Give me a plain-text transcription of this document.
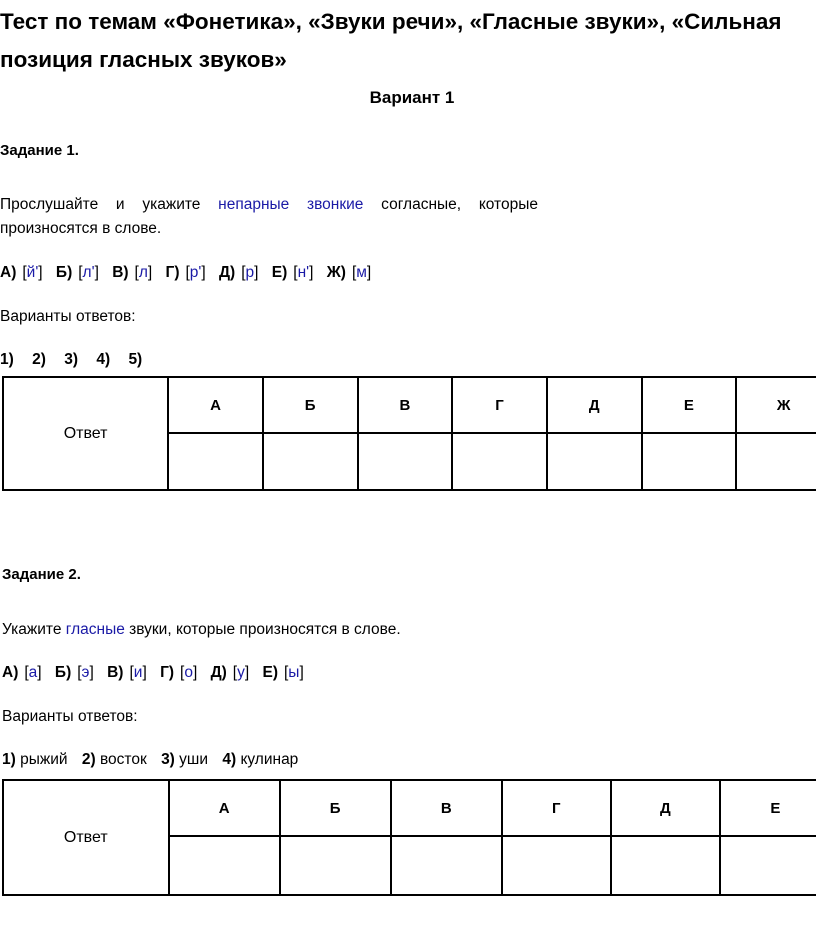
Тест по темам «Фонетика», «Звуки речи», «Гласные звуки», «Сильная позиция гласных звуков»
Вариант 1
Задание 1.
Прослушайте и укажите непарные звонкие согласные, которые
произносятся в слове.
А) [й'] Б) [л'] В) [л] Г) [р'] Д) [р] Е) [н'] Ж) [м]
Варианты ответов:
1) 2) 3) 4) 5)
Ответ	А	Б	В	Г	Д	Е	Ж

Задание 2.
Укажите гласные звуки, которые произносятся в слове.
А) [а] Б) [э] В) [и] Г) [о] Д) [у] Е) [ы]
Варианты ответов:
1) рыжий 2) восток 3) уши 4) кулинар
Ответ	А	Б	В	Г	Д	Е
